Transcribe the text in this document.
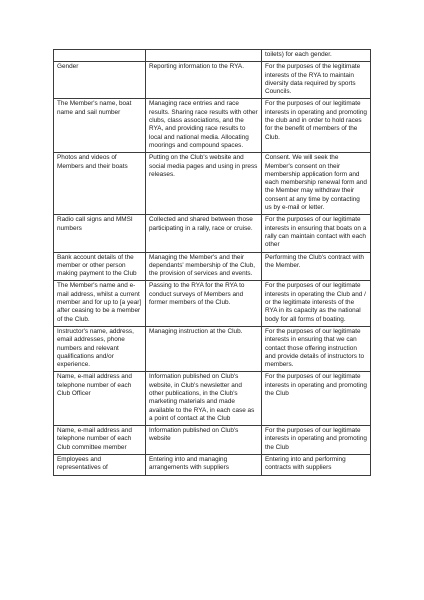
		toilets) for each gender.
Gender	Reporting information to the RYA.	For the purposes of the legitimate interests of the RYA to maintain diversity data required by sports Councils.
The Member's name, boat name and sail number	Managing race entries and race results. Sharing race results with other clubs, class associations, and the RYA, and providing race results to local and national media. Allocating moorings and compound spaces.	For the purposes of our legitimate interests in operating and promoting the club and in order to hold races for the benefit of members of the Club.
Photos and videos of Members and their boats	Putting on the Club's website and social media pages and using in press releases.	Consent. We will seek the Member's consent on their membership application form and each membership renewal form and the Member may withdraw their consent at any time by contacting us by e-mail or letter.
Radio call signs and MMSI numbers	Collected and shared between those participating in a rally, race or cruise.	For the purposes of our legitimate interests in ensuring that boats on a rally can maintain contact with each other
Bank account details of the member or other person making payment to the Club	Managing the Member's and their dependants' membership of the Club, the provision of services and events.	Performing the Club's contract with the Member.
The Member's name and e-mail address, whilst a current member and for up to [a year] after ceasing to be a member of the Club.	Passing to the RYA for the RYA to conduct surveys of Members and former members of the Club.	For the purposes of our legitimate interests in operating the Club and / or the legitimate interests of the RYA in its capacity as the national body for all forms of boating.
Instructor's name, address, email addresses, phone numbers and relevant qualifications and/or experience.	Managing instruction at the Club.	For the purposes of our legitimate interests in ensuring that we can contact those offering instruction and provide details of instructors to members.
Name, e-mail address and telephone number of each Club Officer	Information published on Club's website, in Club's newsletter and other publications, in the Club's marketing materials and made available to the RYA, in each case as a point of contact at the Club	For the purposes of our legitimate interests in operating and promoting the Club
Name, e-mail address and telephone number of each Club committee member	Information published on Club's website	For the purposes of our legitimate interests in operating and promoting the Club
Employees and representatives of	Entering into and managing arrangements with suppliers	Entering into and performing contracts with suppliers
